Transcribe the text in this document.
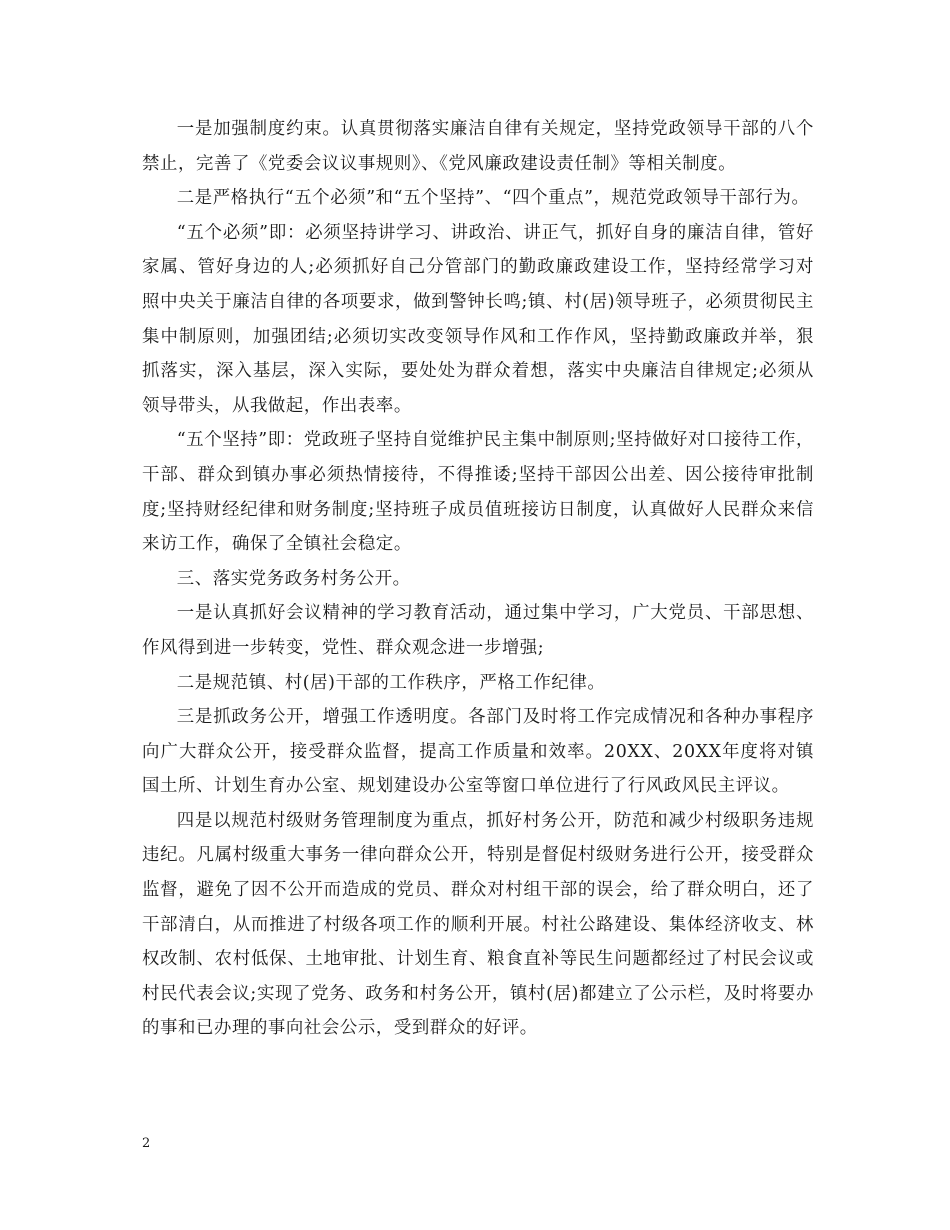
一是加强制度约束。认真贯彻落实廉洁自律有关规定，坚持党政领导干部的八个禁止，完善了《党委会议议事规则》、《党风廉政建设责任制》等相关制度。

二是严格执行“五个必须”和“五个坚持”、“四个重点”，规范党政领导干部行为。

“五个必须”即：必须坚持讲学习、讲政治、讲正气，抓好自身的廉洁自律，管好家属、管好身边的人;必须抓好自己分管部门的勤政廉政建设工作，坚持经常学习对照中央关于廉洁自律的各项要求，做到警钟长鸣;镇、村(居)领导班子，必须贯彻民主集中制原则，加强团结;必须切实改变领导作风和工作作风，坚持勤政廉政并举，狠抓落实，深入基层，深入实际，要处处为群众着想，落实中央廉洁自律规定;必须从领导带头，从我做起，作出表率。

“五个坚持”即：党政班子坚持自觉维护民主集中制原则;坚持做好对口接待工作，干部、群众到镇办事必须热情接待，不得推诿;坚持干部因公出差、因公接待审批制度;坚持财经纪律和财务制度;坚持班子成员值班接访日制度，认真做好人民群众来信来访工作，确保了全镇社会稳定。

三、落实党务政务村务公开。

一是认真抓好会议精神的学习教育活动，通过集中学习，广大党员、干部思想、作风得到进一步转变，党性、群众观念进一步增强;

二是规范镇、村(居)干部的工作秩序，严格工作纪律。

三是抓政务公开，增强工作透明度。各部门及时将工作完成情况和各种办事程序向广大群众公开，接受群众监督，提高工作质量和效率。20XX、20XX年度将对镇国土所、计划生育办公室、规划建设办公室等窗口单位进行了行风政风民主评议。

四是以规范村级财务管理制度为重点，抓好村务公开，防范和减少村级职务违规违纪。凡属村级重大事务一律向群众公开，特别是督促村级财务进行公开，接受群众监督，避免了因不公开而造成的党员、群众对村组干部的误会，给了群众明白，还了干部清白，从而推进了村级各项工作的顺利开展。村社公路建设、集体经济收支、林权改制、农村低保、土地审批、计划生育、粮食直补等民生问题都经过了村民会议或村民代表会议;实现了党务、政务和村务公开，镇村(居)都建立了公示栏，及时将要办的事和已办理的事向社会公示，受到群众的好评。

2
